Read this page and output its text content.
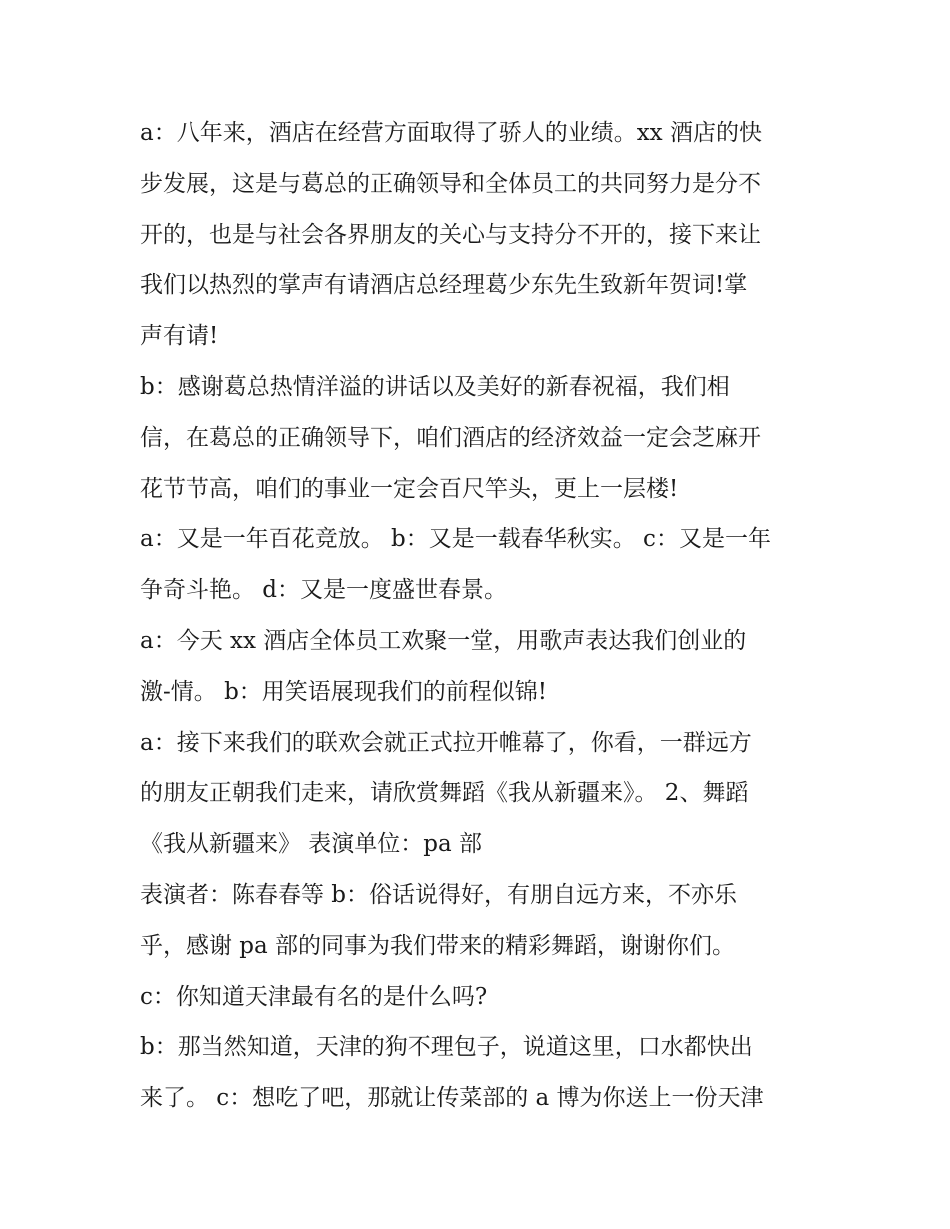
a：八年来，酒店在经营方面取得了骄人的业绩。xx 酒店的快
步发展，这是与葛总的正确领导和全体员工的共同努力是分不
开的，也是与社会各界朋友的关心与支持分不开的，接下来让
我们以热烈的掌声有请酒店总经理葛少东先生致新年贺词!掌
声有请!
b：感谢葛总热情洋溢的讲话以及美好的新春祝福，我们相
信，在葛总的正确领导下，咱们酒店的经济效益一定会芝麻开
花节节高，咱们的事业一定会百尺竿头，更上一层楼!
a：又是一年百花竞放。 b：又是一载春华秋实。 c：又是一年
争奇斗艳。 d：又是一度盛世春景。
a：今天 xx 酒店全体员工欢聚一堂，用歌声表达我们创业的
激-情。 b：用笑语展现我们的前程似锦!
a：接下来我们的联欢会就正式拉开帷幕了，你看，一群远方
的朋友正朝我们走来，请欣赏舞蹈《我从新疆来》。 2、舞蹈
《我从新疆来》 表演单位：pa 部
表演者：陈春春等 b：俗话说得好，有朋自远方来，不亦乐
乎，感谢 pa 部的同事为我们带来的精彩舞蹈，谢谢你们。
c：你知道天津最有名的是什么吗?
b：那当然知道，天津的狗不理包子，说道这里，口水都快出
来了。 c：想吃了吧，那就让传菜部的 a 博为你送上一份天津
